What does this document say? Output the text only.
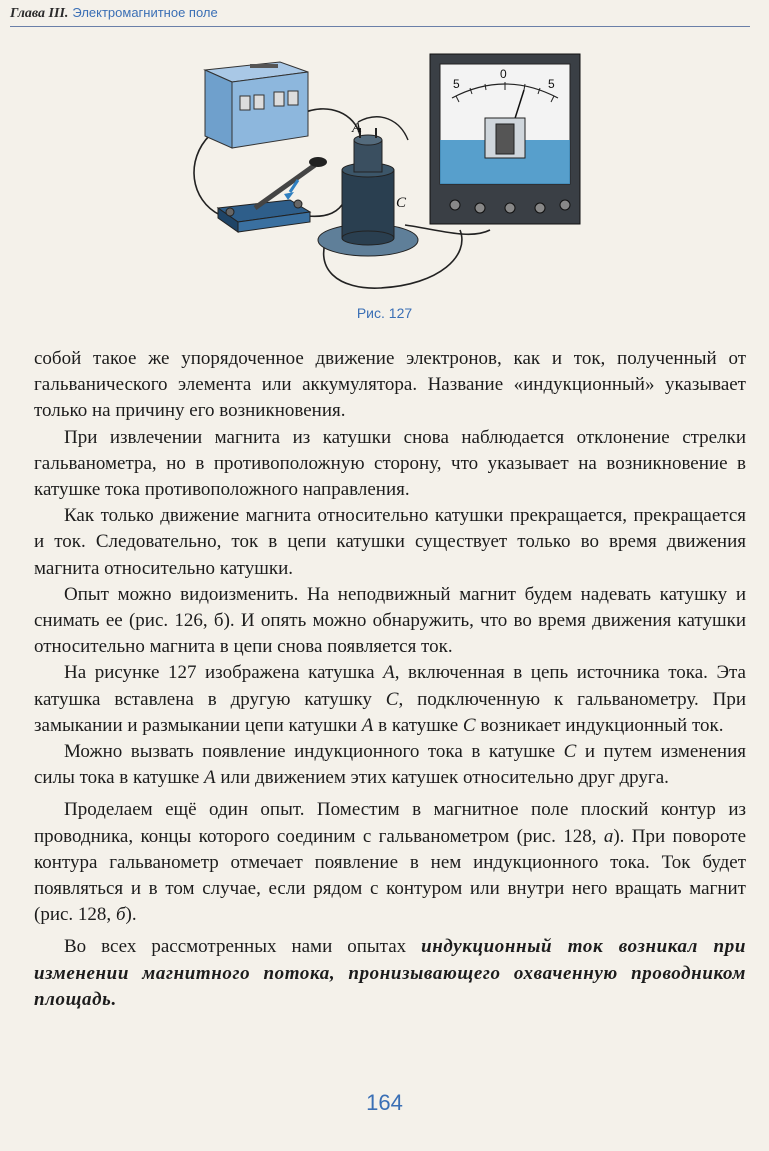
Глава III. Электромагнитное поле
A
C
5
0
5
Рис. 127

собой такое же упорядоченное движение электронов, как и ток, полученный от гальванического элемента или аккумулятора. Название «индукционный» указывает только на причину его возникновения.

При извлечении магнита из катушки снова наблюдается отклонение стрелки гальванометра, но в противоположную сторону, что указывает на возникновение в катушке тока противоположного направления.

Как только движение магнита относительно катушки прекращается, прекращается и ток. Следовательно, ток в цепи катушки существует только во время движения магнита относительно катушки.

Опыт можно видоизменить. На неподвижный магнит будем надевать катушку и снимать ее (рис. 126, б). И опять можно обнаружить, что во время движения катушки относительно магнита в цепи снова появляется ток.

На рисунке 127 изображена катушка A, включенная в цепь источника тока. Эта катушка вставлена в другую катушку C, подключенную к гальванометру. При замыкании и размыкании цепи катушки A в катушке C возникает индукционный ток.

Можно вызвать появление индукционного тока в катушке C и путем изменения силы тока в катушке A или движением этих катушек относительно друг друга.

Проделаем ещё один опыт. Поместим в магнитное поле плоский контур из проводника, концы которого соединим с гальванометром (рис. 128, а). При повороте контура гальванометр отмечает появление в нем индукционного тока. Ток будет появляться и в том случае, если рядом с контуром или внутри него вращать магнит (рис. 128, б).

Во всех рассмотренных нами опытах индукционный ток возникал при изменении магнитного потока, пронизывающего охваченную проводником площадь.

164
